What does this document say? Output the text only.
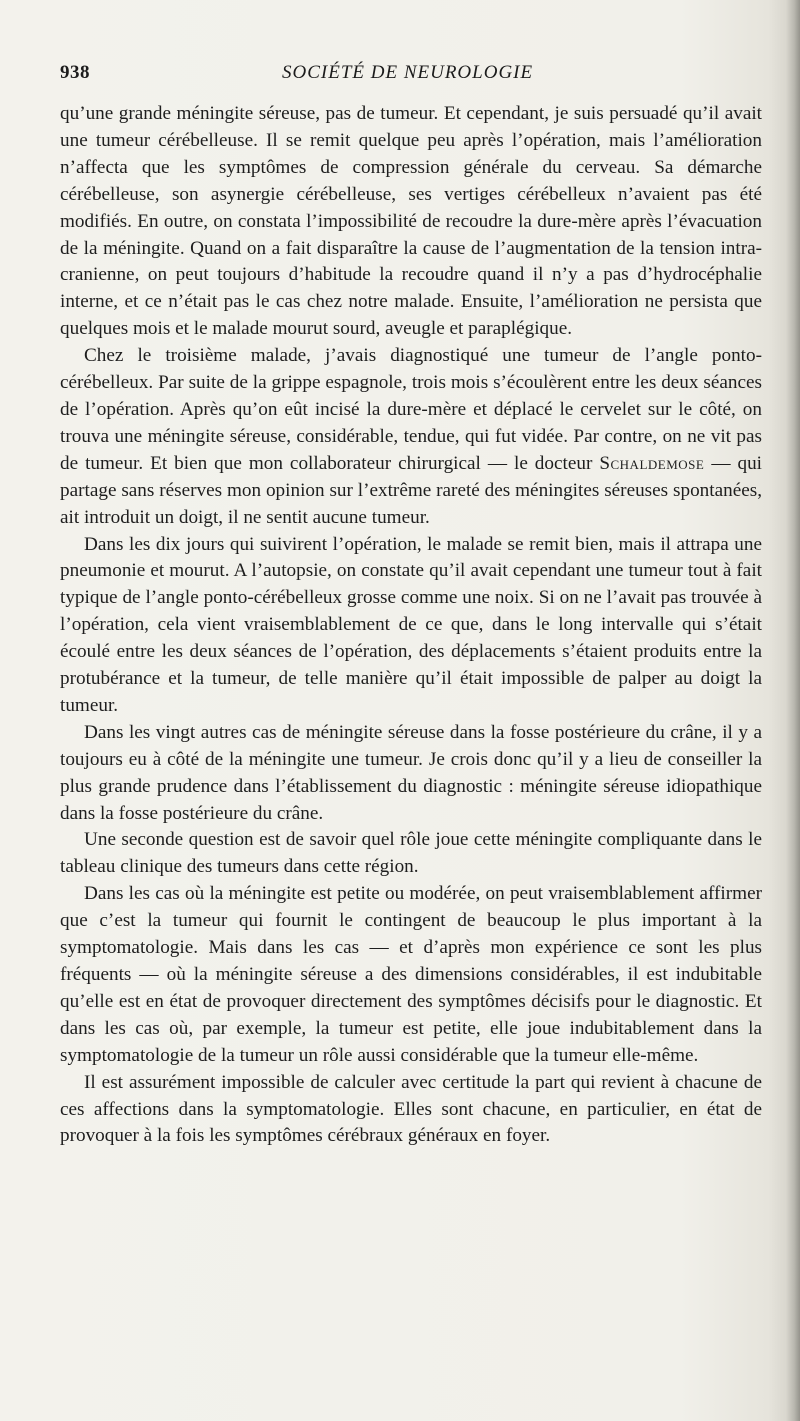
938	SOCIÉTÉ DE NEUROLOGIE

qu’une grande méningite séreuse, pas de tumeur. Et cependant, je suis persuadé qu’il avait une tumeur cérébelleuse. Il se remit quelque peu après l’opération, mais l’amélioration n’affecta que les symptômes de compression générale du cerveau. Sa démarche cérébelleuse, son asynergie cérébelleuse, ses vertiges cérébelleux n’avaient pas été modifiés. En outre, on constata l’impossibilité de recoudre la dure-mère après l’évacuation de la méningite. Quand on a fait disparaître la cause de l’augmentation de la tension intra-cranienne, on peut toujours d’habitude la recoudre quand il n’y a pas d’hydrocéphalie interne, et ce n’était pas le cas chez notre malade. Ensuite, l’amélioration ne persista que quelques mois et le malade mourut sourd, aveugle et paraplégique.

Chez le troisième malade, j’avais diagnostiqué une tumeur de l’angle ponto-cérébelleux. Par suite de la grippe espagnole, trois mois s’écoulèrent entre les deux séances de l’opération. Après qu’on eût incisé la dure-mère et déplacé le cervelet sur le côté, on trouva une méningite séreuse, considérable, tendue, qui fut vidée. Par contre, on ne vit pas de tumeur. Et bien que mon collaborateur chirurgical — le docteur Schaldemose — qui partage sans réserves mon opinion sur l’extrême rareté des méningites séreuses spontanées, ait introduit un doigt, il ne sentit aucune tumeur.

Dans les dix jours qui suivirent l’opération, le malade se remit bien, mais il attrapa une pneumonie et mourut. A l’autopsie, on constate qu’il avait cependant une tumeur tout à fait typique de l’angle ponto-cérébelleux grosse comme une noix. Si on ne l’avait pas trouvée à l’opération, cela vient vraisemblablement de ce que, dans le long intervalle qui s’était écoulé entre les deux séances de l’opération, des déplacements s’étaient produits entre la protubérance et la tumeur, de telle manière qu’il était impossible de palper au doigt la tumeur.

Dans les vingt autres cas de méningite séreuse dans la fosse postérieure du crâne, il y a toujours eu à côté de la méningite une tumeur. Je crois donc qu’il y a lieu de conseiller la plus grande prudence dans l’établissement du diagnostic : méningite séreuse idiopathique dans la fosse postérieure du crâne.

Une seconde question est de savoir quel rôle joue cette méningite compliquante dans le tableau clinique des tumeurs dans cette région.

Dans les cas où la méningite est petite ou modérée, on peut vraisemblablement affirmer que c’est la tumeur qui fournit le contingent de beaucoup le plus important à la symptomatologie. Mais dans les cas — et d’après mon expérience ce sont les plus fréquents — où la méningite séreuse a des dimensions considérables, il est indubitable qu’elle est en état de provoquer directement des symptômes décisifs pour le diagnostic. Et dans les cas où, par exemple, la tumeur est petite, elle joue indubitablement dans la symptomatologie de la tumeur un rôle aussi considérable que la tumeur elle-même.

Il est assurément impossible de calculer avec certitude la part qui revient à chacune de ces affections dans la symptomatologie. Elles sont chacune, en particulier, en état de provoquer à la fois les symptômes cérébraux généraux en foyer.
